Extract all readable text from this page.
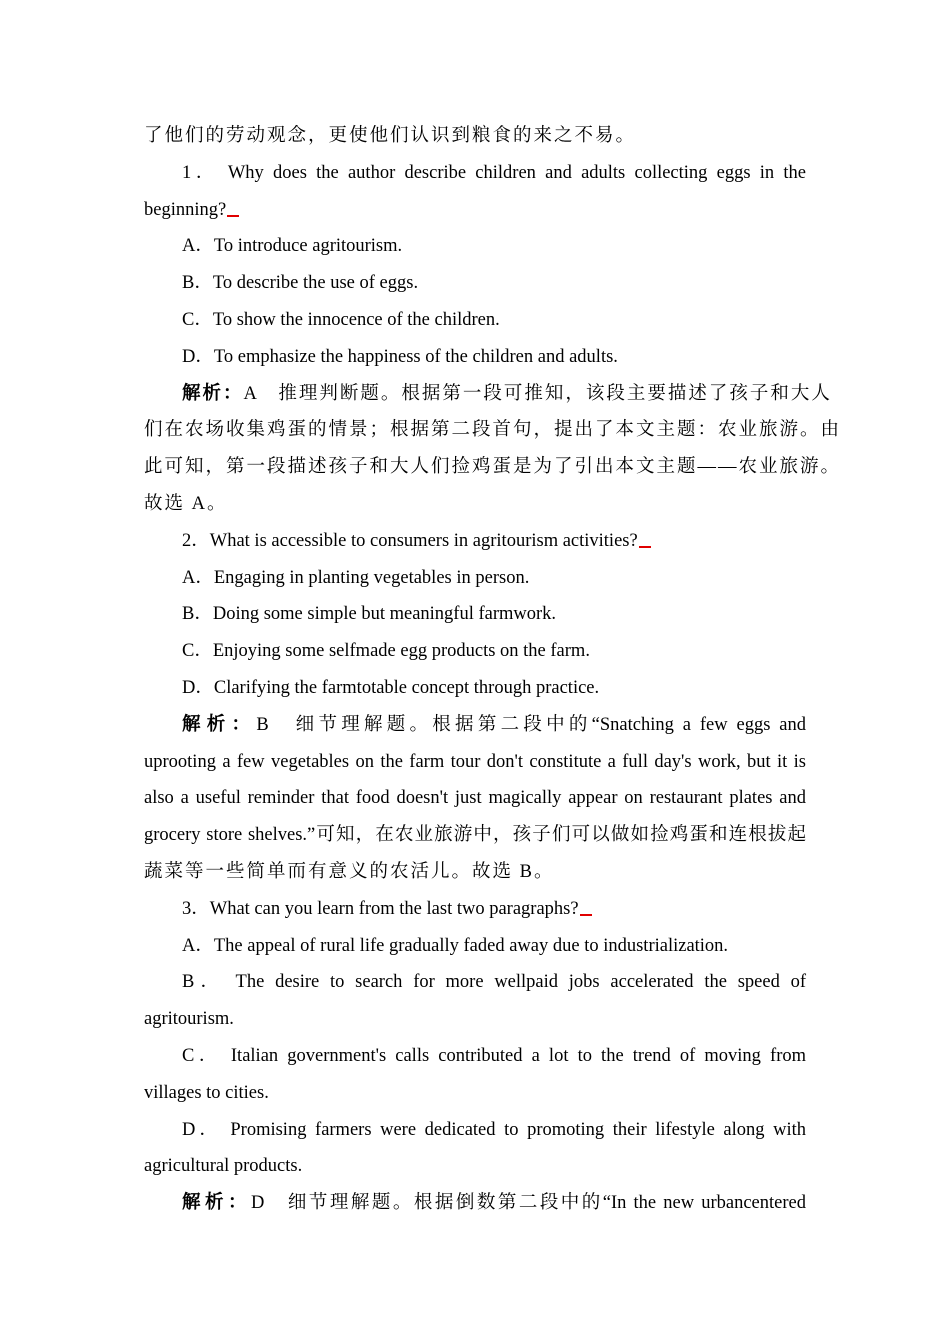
了他们的劳动观念，更使他们认识到粮食的来之不易。
1． Why does the author describe children and adults collecting eggs in the
beginning?
A．To introduce agritourism.
B．To describe the use of eggs.
C．To show the innocence of the children.
D．To emphasize the happiness of the children and adults.
解析：A　推理判断题。根据第一段可推知，该段主要描述了孩子和大人
们在农场收集鸡蛋的情景；根据第二段首句，提出了本文主题：农业旅游。由
此可知，第一段描述孩子和大人们捡鸡蛋是为了引出本文主题——农业旅游。
故选 A。
2．What is accessible to consumers in agritourism activities?
A．Engaging in planting vegetables in person.
B．Doing some simple but meaningful farmwork.
C．Enjoying some selfmade egg products on the farm.
D．Clarifying the farmtotable concept through practice.
解析：B　细节理解题。根据第二段中的“Snatching a few eggs and
uprooting a few vegetables on the farm tour don't constitute a full day's work, but it is
also a useful reminder that food doesn't just magically appear on restaurant plates and
grocery store shelves.”可知，在农业旅游中，孩子们可以做如捡鸡蛋和连根拔起
蔬菜等一些简单而有意义的农活儿。故选 B。
3．What can you learn from the last two paragraphs?
A．The appeal of rural life gradually faded away due to industrialization.
B． The desire to search for more wellpaid jobs accelerated the speed of
agritourism.
C． Italian government's calls contributed a lot to the trend of moving from
villages to cities.
D． Promising farmers were dedicated to promoting their lifestyle along with
agricultural products.
解析：D　细节理解题。根据倒数第二段中的“In the new urbancentered
